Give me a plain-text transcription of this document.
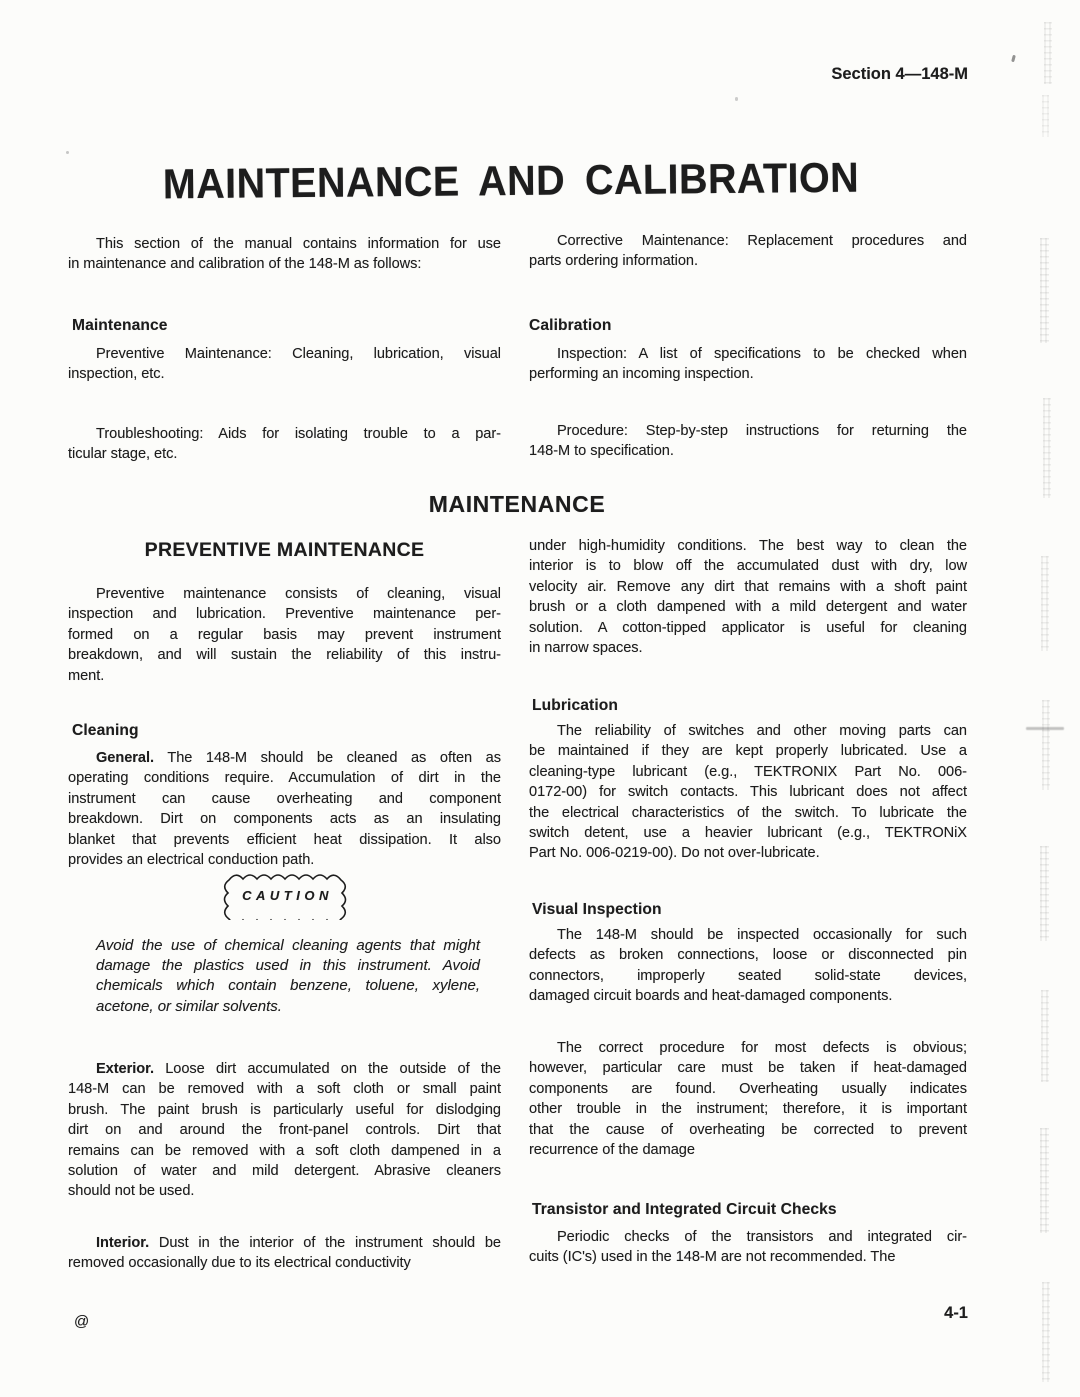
Section 4—148-M
MAINTENANCE AND CALIBRATION
This section of the manual contains information for use
in maintenance and calibration of the 148-M as follows:
Corrective Maintenance: Replacement procedures and
parts ordering information.
Maintenance
Preventive Maintenance: Cleaning, lubrication, visual
inspection, etc.
Troubleshooting: Aids for isolating trouble to a par-
ticular stage, etc.
Calibration
Inspection: A list of specifications to be checked when
performing an incoming inspection.
Procedure: Step-by-step instructions for returning the
148-M to specification.
MAINTENANCE
PREVENTIVE MAINTENANCE
Preventive maintenance consists of cleaning, visual
inspection and lubrication. Preventive maintenance per-
formed on a regular basis may prevent instrument
breakdown, and will sustain the reliability of this instru-
ment.
under high-humidity conditions. The best way to clean the
interior is to blow off the accumulated dust with dry, low
velocity air. Remove any dirt that remains with a shoft paint
brush or a cloth dampened with a mild detergent and water
solution. A cotton-tipped applicator is useful for cleaning
in narrow spaces.
Cleaning
General. The 148-M should be cleaned as often as
operating conditions require. Accumulation of dirt in the
instrument can cause overheating and component
breakdown. Dirt on components acts as an insulating
blanket that prevents efficient heat dissipation. It also
provides an electrical conduction path.
CAUTION
Avoid the use of chemical cleaning agents that might
damage the plastics used in this instrument. Avoid
chemicals which contain benzene, toluene, xylene,
acetone, or similar solvents.
Exterior. Loose dirt accumulated on the outside of the
148-M can be removed with a soft cloth or small paint
brush. The paint brush is particularly useful for dislodging
dirt on and around the front-panel controls. Dirt that
remains can be removed with a soft cloth dampened in a
solution of water and mild detergent. Abrasive cleaners
should not be used.
Interior. Dust in the interior of the instrument should be
removed occasionally due to its electrical conductivity
Lubrication
The reliability of switches and other moving parts can
be maintained if they are kept properly lubricated. Use a
cleaning-type lubricant (e.g., TEKTRONIX Part No. 006-
0172-00) for switch contacts. This lubricant does not affect
the electrical characteristics of the switch. To lubricate the
switch detent, use a heavier lubricant (e.g., TEKTRONiX
Part No. 006-0219-00). Do not over-lubricate.
Visual Inspection
The 148-M should be inspected occasionally for such
defects as broken connections, loose or disconnected pin
connectors, improperly seated solid-state devices,
damaged circuit boards and heat-damaged components.
The correct procedure for most defects is obvious;
however, particular care must be taken if heat-damaged
components are found. Overheating usually indicates
other trouble in the instrument; therefore, it is important
that the cause of overheating be corrected to prevent
recurrence of the damage
Transistor and Integrated Circuit Checks
Periodic checks of the transistors and integrated cir-
cuits (IC's) used in the 148-M are not recommended. The
@	4-1
